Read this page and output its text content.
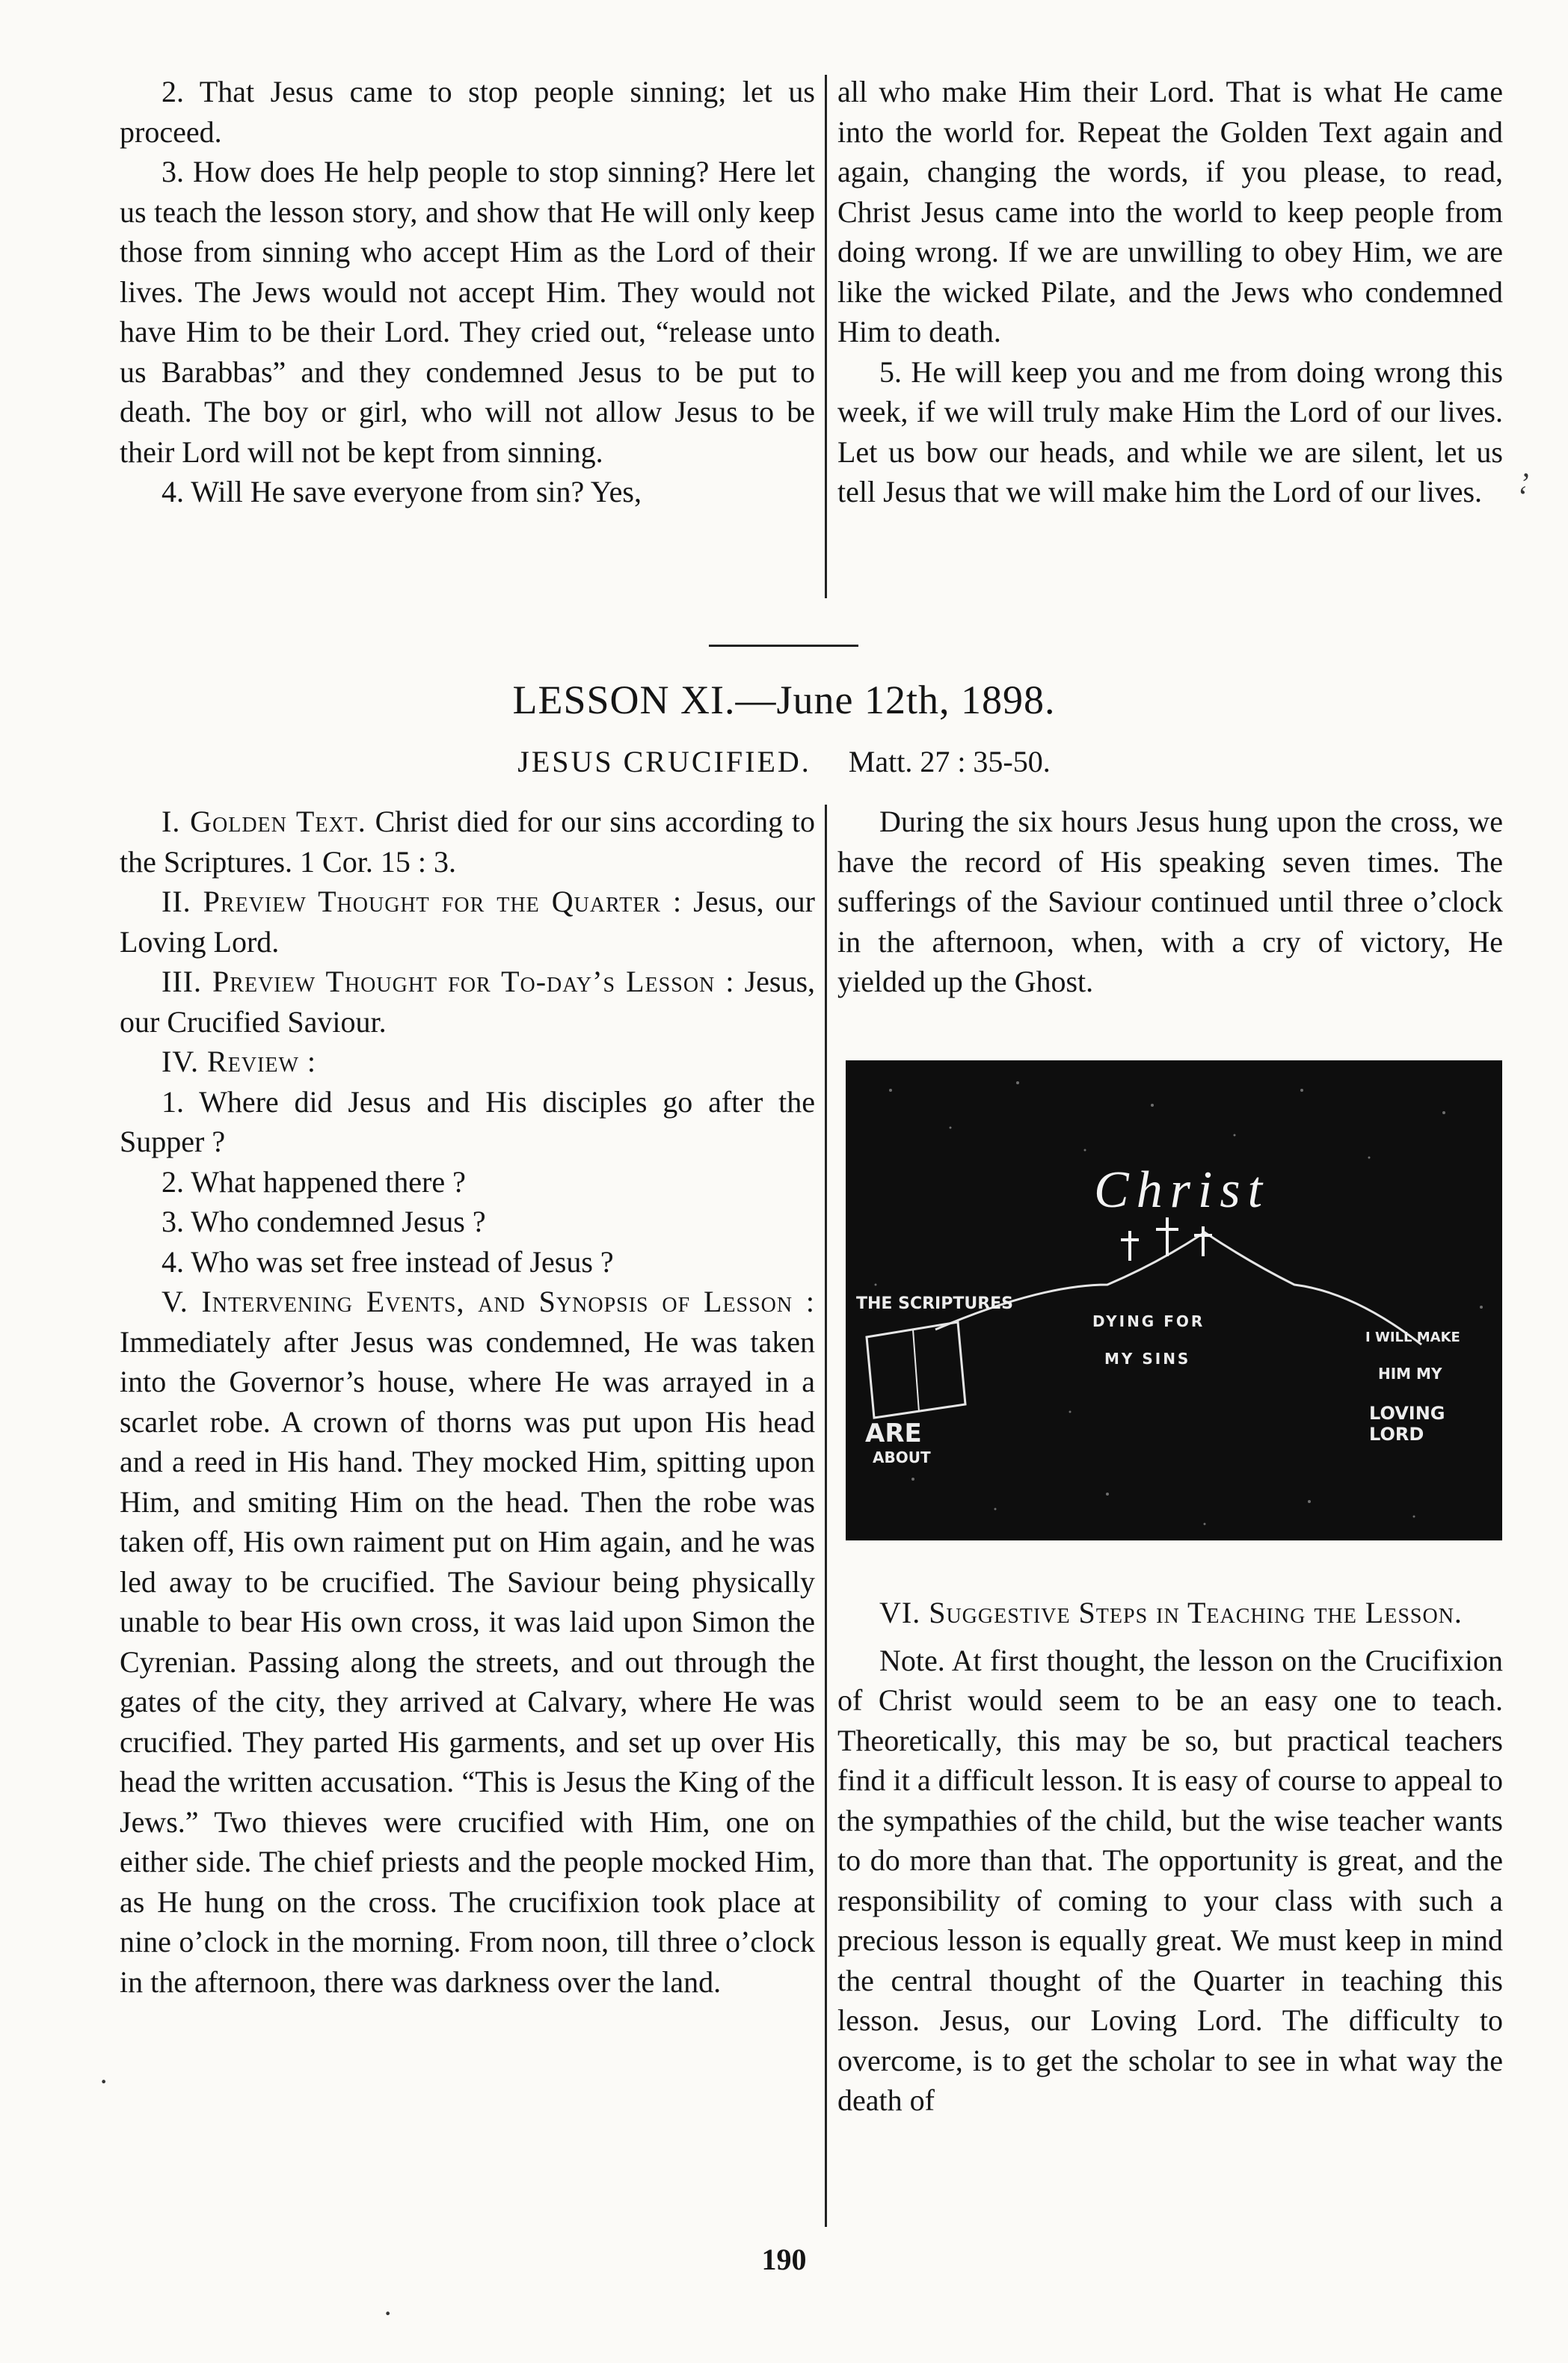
2. That Jesus came to stop people sinning; let us proceed.

3. How does He help people to stop sinning? Here let us teach the lesson story, and show that He will only keep those from sinning who accept Him as the Lord of their lives. The Jews would not accept Him. They would not have Him to be their Lord. They cried out, “release unto us Barabbas” and they condemned Jesus to be put to death. The boy or girl, who will not allow Jesus to be their Lord will not be kept from sinning.

4. Will He save everyone from sin? Yes,

all who make Him their Lord. That is what He came into the world for. Repeat the Golden Text again and again, changing the words, if you please, to read, Christ Jesus came into the world to keep people from doing wrong. If we are unwilling to obey Him, we are like the wicked Pilate, and the Jews who condemned Him to death.

5. He will keep you and me from doing wrong this week, if we will truly make Him the Lord of our lives. Let us bow our heads, and while we are silent, let us tell Jesus that we will make him the Lord of our lives.

,
‘
LESSON XI.—June 12th, 1898.
JESUS CRUCIFIED. Matt. 27 : 35-50.

I. Golden Text. Christ died for our sins according to the Scriptures. 1 Cor. 15 : 3.

II. Preview Thought for the Quarter : Jesus, our Loving Lord.

III. Preview Thought for To-day’s Lesson : Jesus, our Crucified Saviour.

IV. Review :

1. Where did Jesus and His disciples go after the Supper ?

2. What happened there ?

3. Who condemned Jesus ?

4. Who was set free instead of Jesus ?

V. Intervening Events, and Synopsis of Lesson : Immediately after Jesus was condemned, He was taken into the Governor’s house, where He was arrayed in a scarlet robe. A crown of thorns was put upon His head and a reed in His hand. They mocked Him, spitting upon Him, and smiting Him on the head. Then the robe was taken off, His own raiment put on Him again, and he was led away to be crucified. The Saviour being physically unable to bear His own cross, it was laid upon Simon the Cyrenian. Passing along the streets, and out through the gates of the city, they arrived at Calvary, where He was crucified. They parted His garments, and set up over His head the written accusation. “This is Jesus the King of the Jews.” Two thieves were crucified with Him, one on either side. The chief priests and the people mocked Him, as He hung on the cross. The crucifixion took place at nine o’clock in the morning. From noon, till three o’clock in the afternoon, there was darkness over the land.

During the six hours Jesus hung upon the cross, we have the record of His speaking seven times. The sufferings of the Saviour continued until three o’clock in the afternoon, when, with a cry of victory, He yielded up the Ghost.

Christ
THE SCRIPTURES
DYING FOR
MY SINS
ARE
ABOUT
I WILL MAKE
HIM MY
LOVING
LORD

VI. Suggestive Steps in Teaching the Lesson.

Note. At first thought, the lesson on the Crucifixion of Christ would seem to be an easy one to teach. Theoretically, this may be so, but practical teachers find it a difficult lesson. It is easy of course to appeal to the sympathies of the child, but the wise teacher wants to do more than that. The opportunity is great, and the responsibility of coming to your class with such a precious lesson is equally great. We must keep in mind the central thought of the Quarter in teaching this lesson. Jesus, our Loving Lord. The difficulty to overcome, is to get the scholar to see in what way the death of

190
·
·
